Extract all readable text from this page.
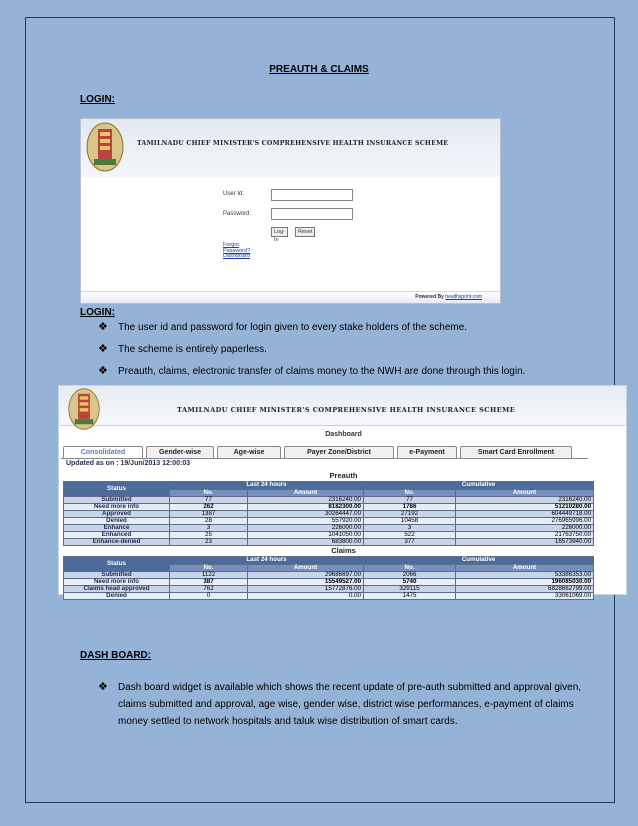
PREAUTH & CLAIMS
LOGIN:
TAMILNADU CHIEF MINISTER'S COMPREHENSIVE HEALTH INSURANCE SCHEME
User Id:
Password:
Log-In
Reset
Forgot Password?
Dashboard
Powered By healthsprint.com
LOGIN:
❖ The user id and password for login given to every stake holders of the scheme.
❖ The scheme is entirely paperless.
❖ Preauth, claims, electronic transfer of claims money to the NWH are done through this login.
TAMILNADU CHIEF MINISTER'S COMPREHENSIVE HEALTH INSURANCE SCHEME
Dashboard
Consolidated	Gender-wise	Age-wise	Payer Zone/District	e-Payment	Smart Card Enrollment
Updated as on : 19/Jun/2013 12:00:03
Preauth
Status	Last 24 hours		Cumulative	
	No.	Amount	No.	Amount
Submitted	77	2316240.00	77	2316240.00
Need more info	262	8182300.00	1786	51210280.00
Approved	1387	30264447.00	27192	604449718.00
Denied	28	557920.00	10458	276965996.00
Enhance	3	226000.00	3	226000.00
Enhanced	25	1041050.00	522	21763750.00
Enhance-denied	23	683800.00	377	16573940.00
Claims
Status	Last 24 hours		Cumulative	
	No.	Amount	No.	Amount
Submitted	1122	29686697.00	2066	53386353.00
Need more info	387	15549527.00	5740	196085030.00
Claims head approved	762	15772876.00	329115	6828662799.00
Denied	0	0.00	1475	33061069.00
DASH BOARD:
❖ Dash board widget is available which shows the recent update of pre-auth submitted and approval given, claims submitted and approval, age wise, gender wise, district wise performances, e-payment of claims money settled to network hospitals and taluk wise distribution of smart cards.
